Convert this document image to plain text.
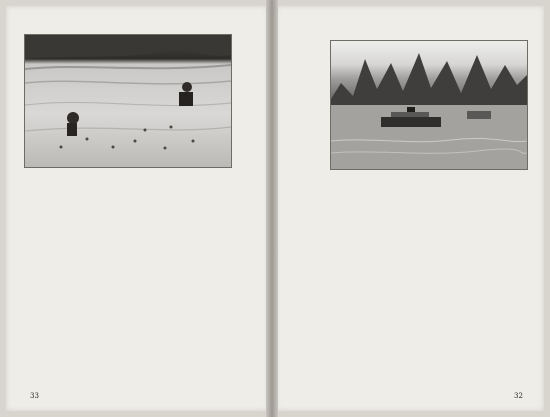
33	32
